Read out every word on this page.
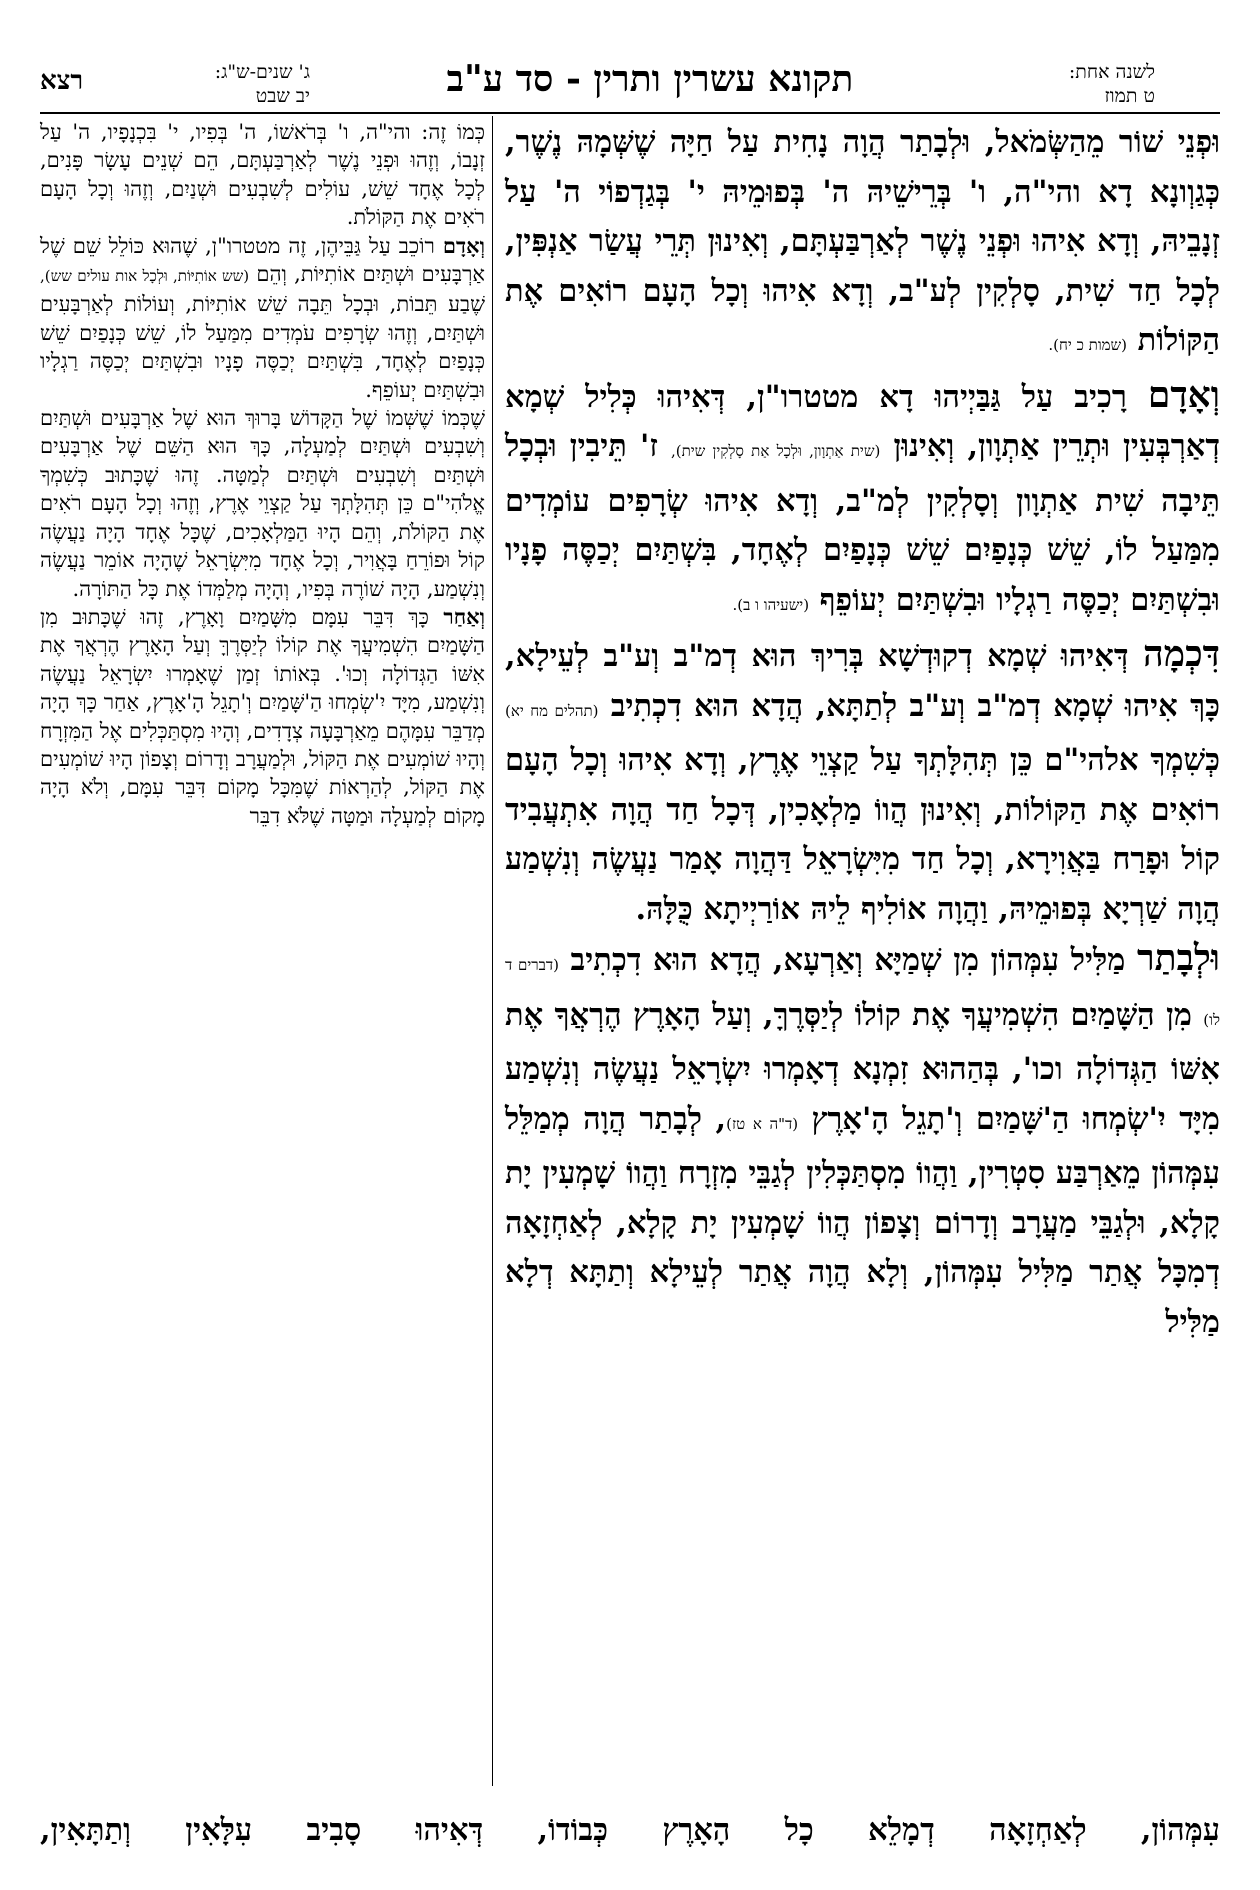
לשנה אחת:
ט תמוז
תקונא עשרין ותרין - סד ע"ב
ג' שנים-ש"ג:
יב שבט
רצא

וּפְנֵי שׁוֹר מֵהַשְּׂמֹאל, וּלְבָתַר הֲוָה נָחִית עַל חַיָּה שֶׁשְּׁמָהּ נֶשֶׁר, כְּגַוְונָא דָא והי"ה, ו' בְּרֵישֵׁיהּ ה' בְּפוּמֵיהּ י' בְּגַדְפוֹי ה' עַל זְנָבֵיהּ, וְדָא אִיהוּ וּפְנֵי נֶשֶׁר לְאַרְבַּעְתָּם, וְאִינוּן תְּרֵי עֲשַׂר אַנְפִּין, לְכָל חַד שִׁית, סָלְקִין לְע"ב, וְדָא אִיהוּ וְכָל הָעָם רוֹאִים אֶת הַקּוֹלוֹת (שמות כ יח).

וְאָדָם רָכִיב עַל גַּבַּיְיהוּ דָא מטטרו"ן, דְּאִיהוּ כְּלִיל שְׁמָא דְאַרְבְּעִין וּתְרֵין אַתְוָון, וְאִינוּן (שית אַתְוָון, וּלְכָל אַת סָלְקִין שית), ז' תֵּיבִין וּבְכָל תֵּיבָה שִׁית אַתְוָון וְסָלְקִין לְמ"ב, וְדָא אִיהוּ שְׂרָפִים עוֹמְדִים מִמַּעַל לוֹ, שֵׁשׁ כְּנָפַיִם שֵׁשׁ כְּנָפַיִם לְאֶחָד, בִּשְׁתַּיִם יְכַסֶּה פָנָיו וּבִשְׁתַּיִם יְכַסֶּה רַגְלָיו וּבִשְׁתַּיִם יְעוֹפֵף (ישעיהו ו ב).

דִּכְמָה דְּאִיהוּ שְׁמָא דְקוּדְשָׁא בְּרִיךְ הוּא דְמ"ב וְע"ב לְעֵילָא, כָּךְ אִיהוּ שְׁמָא דְמ"ב וְע"ב לְתַתָּא, הֲדָא הוּא דִכְתִיב (תהלים מח יא) כְּשִׁמְךָ אלהי"ם כֵּן תְּהִלָּתְךָ עַל קַצְוֵי אֶרֶץ, וְדָא אִיהוּ וְכָל הָעָם רוֹאִים אֶת הַקּוֹלוֹת, וְאִינוּן הֲווֹ מַלְאָכִין, דְּכָל חַד הֲוָה אִתְעֲבִיד קוֹל וּפָרַח בַּאֲוִירָא, וְכָל חַד מִיִּשְׂרָאֵל דַּהֲוָה אָמַר נַעֲשֶׂה וְנִשְׁמַע הֲוָה שַׁרְיָא בְּפוּמֵיהּ, וַהֲוָה אוֹלִיף לֵיהּ אוֹרַיְיתָא כֻּלָּהּ.

וּלְבָתַר מַלִּיל עִמְּהוֹן מִן שְׁמַיָּא וְאַרְעָא, הֲדָא הוּא דִכְתִיב (דברים ד לו) מִן הַשָּׁמַיִם הִשְׁמִיעֲךָ אֶת קוֹלוֹ לְיַסְּרֶךָּ, וְעַל הָאָרֶץ הֶרְאֲךָ אֶת אִשּׁוֹ הַגְּדוֹלָה וכו', בְּהַהוּא זִמְנָא דְאָמְרוּ יִשְׂרָאֵל נַעֲשֶׂה וְנִשְׁמַע מִיָּד יִ'שְׂמְחוּ הַ'שָּׁמַיִם וְ'תָגֵל הָ'אָרֶץ (ד"ה א טז), לְבָתַר הֲוָה מְמַלֵּל עִמְּהוֹן מֵאַרְבַּע סִטְרִין, וַהֲווֹ מִסְתַּכְּלִין לְגַבֵּי מִזְרָח וַהֲווֹ שָׁמְעִין יָת קָלָא, וּלְגַבֵּי מַעֲרָב וְדָרוֹם וְצָפוֹן הֲווֹ שָׁמְעִין יָת קָלָא, לְאַחְזָאָה דְמִכָּל אֲתַר מַלִּיל עִמְּהוֹן, וְלָא הֲוָה אֲתַר לְעֵילָא וְתַתָּא דְלָא מַלִּיל

כְּמוֹ זֶה: והי"ה, ו' בְּרֹאשׁוֹ, ה' בְּפִיו, י' בִּכְנָפָיו, ה' עַל זְנָבוֹ, וְזֶהוּ וּפְנֵי נֶשֶׁר לְאַרְבַּעְתָּם, הֵם שְׁנֵים עָשָׂר פָּנִים, לְכָל אֶחָד שֵׁשׁ, עוֹלִים לְשִׁבְעִים וּשְׁנַיִם, וְזֶהוּ וְכָל הָעָם רֹאִים אֶת הַקּוֹלֹת.

וְאָדָם רוֹכֵב עַל גַּבֵּיהֶן, זֶה מטטרו"ן, שֶׁהוּא כּוֹלֵל שֵׁם שֶׁל אַרְבָּעִים וּשְׁתַּיִם אוֹתִיּוֹת, וְהֵם (שש אוֹתִיּוֹת, וּלְכָל אות עולים שש), שֶׁבַע תֵּבוֹת, וּבְכָל תֵּבָה שֵׁשׁ אוֹתִיּוֹת, וְעוֹלוֹת לְאַרְבָּעִים וּשְׁתַּיִם, וְזֶהוּ שְׂרָפִים עֹמְדִים מִמַּעַל לוֹ, שֵׁשׁ כְּנָפַיִם שֵׁשׁ כְּנָפַיִם לְאֶחָד, בִּשְׁתַּיִם יְכַסֶּה פָנָיו וּבִשְׁתַּיִם יְכַסֶּה רַגְלָיו וּבִשְׁתַּיִם יְעוֹפֵף.

שֶׁכְּמוֹ שֶׁשְּׁמוֹ שֶׁל הַקָּדוֹשׁ בָּרוּךְ הוּא שֶׁל אַרְבָּעִים וּשְׁתַּיִם וְשִׁבְעִים וּשְׁתַּיִם לְמַעְלָה, כָּךְ הוּא הַשֵּׁם שֶׁל אַרְבָּעִים וּשְׁתַּיִם וְשִׁבְעִים וּשְׁתַּיִם לְמַטָּה. זֶהוּ שֶׁכָּתוּב כְּשִׁמְךָ אֱלֹהִי"ם כֵּן תְּהִלָּתְךָ עַל קַצְוֵי אֶרֶץ, וְזֶהוּ וְכָל הָעָם רֹאִים אֶת הַקּוֹלֹת, וְהֵם הָיוּ הַמַּלְאָכִים, שֶׁכָּל אֶחָד הָיָה נַעֲשֶׂה קוֹל וּפוֹרֵחַ בָּאֲוִיר, וְכָל אֶחָד מִיִּשְׂרָאֵל שֶׁהָיָה אוֹמֵר נַעֲשֶׂה וְנִשְׁמַע, הָיָה שׁוֹרֶה בְּפִיו, וְהָיָה מְלַמְּדוֹ אֶת כָּל הַתּוֹרָה.

וְאַחַר כָּךְ דִּבֵּר עִמָּם מִשָּׁמַיִם וָאָרֶץ, זֶהוּ שֶׁכָּתוּב מִן הַשָּׁמַיִם הִשְׁמִיעֲךָ אֶת קוֹלוֹ לְיַסְּרֶךָּ וְעַל הָאָרֶץ הֶרְאֲךָ אֶת אִשּׁוֹ הַגְּדוֹלָה וְכוּ'. בְּאוֹתוֹ זְמַן שֶׁאָמְרוּ יִשְׂרָאֵל נַעֲשֶׂה וְנִשְׁמַע, מִיָּד יִ'שְׂמְחוּ הַ'שָּׁמַיִם וְ'תָגֵל הָ'אָרֶץ, אַחַר כָּךְ הָיָה מְדַבֵּר עִמָּהֶם מֵאַרְבָּעָה צְדָדִים, וְהָיוּ מִסְתַּכְּלִים אֶל הַמִּזְרָח וְהָיוּ שׁוֹמְעִים אֶת הַקּוֹל, וּלְמַעֲרָב וְדָרוֹם וְצָפוֹן הָיוּ שׁוֹמְעִים אֶת הַקּוֹל, לְהַרְאוֹת שֶׁמִּכָּל מָקוֹם דִּבֵּר עִמָּם, וְלֹא הָיָה מָקוֹם לְמַעְלָה וּמַטָּה שֶׁלֹּא דִבֵּר

עִמְּהוֹן, לְאַחְזָאָה דְמָלֵא כָל הָאָרֶץ כְּבוֹדוֹ, דְּאִיהוּ סָבִיב עִלָּאִין וְתַתָּאִין,
